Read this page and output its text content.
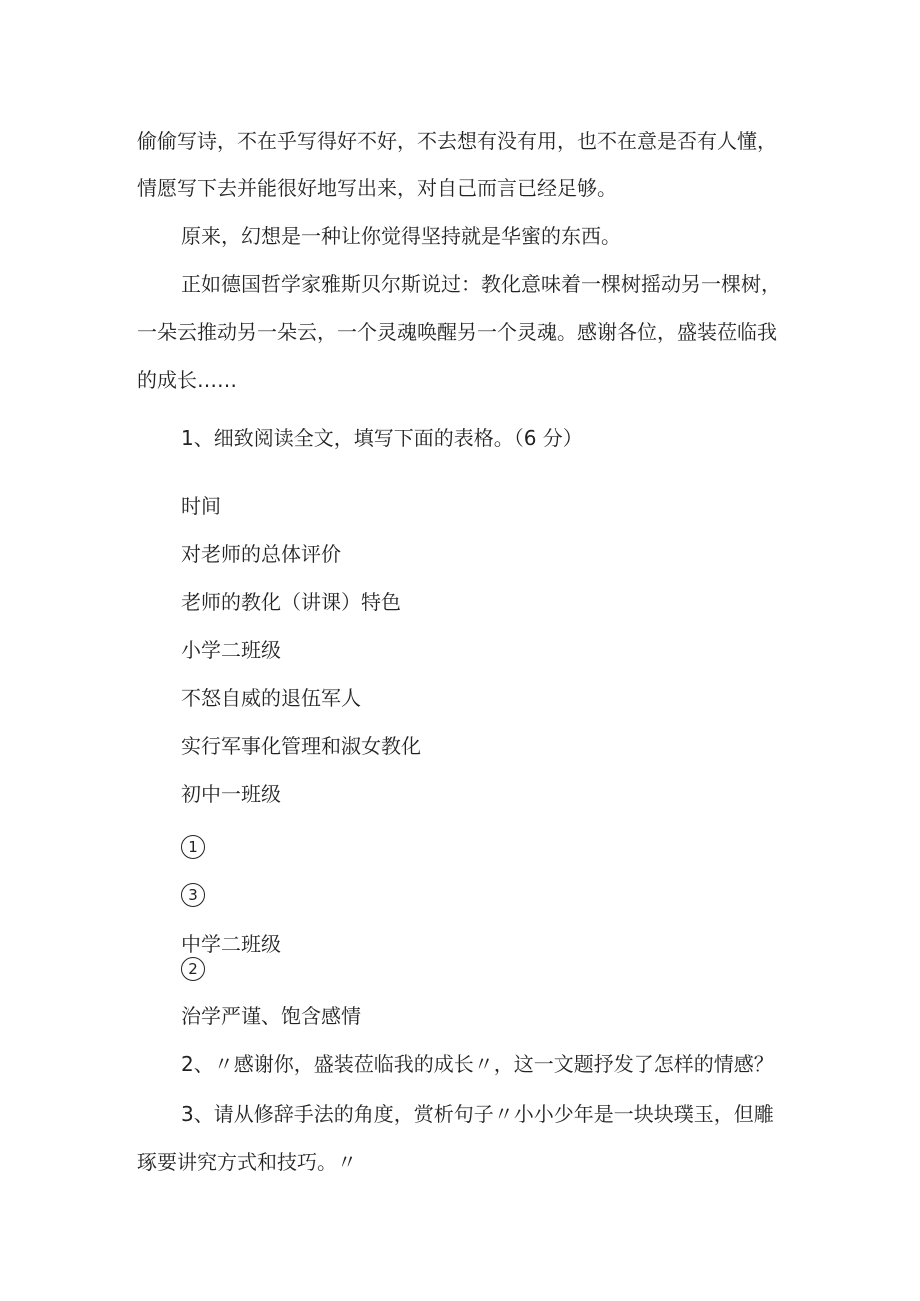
偷偷写诗，不在乎写得好不好，不去想有没有用，也不在意是否有人懂，
情愿写下去并能很好地写出来，对自己而言已经足够。
原来，幻想是一种让你觉得坚持就是华蜜的东西。
正如德国哲学家雅斯贝尔斯说过：教化意味着一棵树摇动另一棵树，
一朵云推动另一朵云，一个灵魂唤醒另一个灵魂。感谢各位，盛装莅临我
的成长……
1、细致阅读全文，填写下面的表格。（6 分）
时间
对老师的总体评价
老师的教化（讲课）特色
小学二班级
不怒自威的退伍军人
实行军事化管理和淑女教化
初中一班级
1
3
中学二班级
2
治学严谨、饱含感情
2、〃感谢你，盛装莅临我的成长〃，这一文题抒发了怎样的情感？
3、请从修辞手法的角度，赏析句子〃小小少年是一块块璞玉，但雕
琢要讲究方式和技巧。〃
